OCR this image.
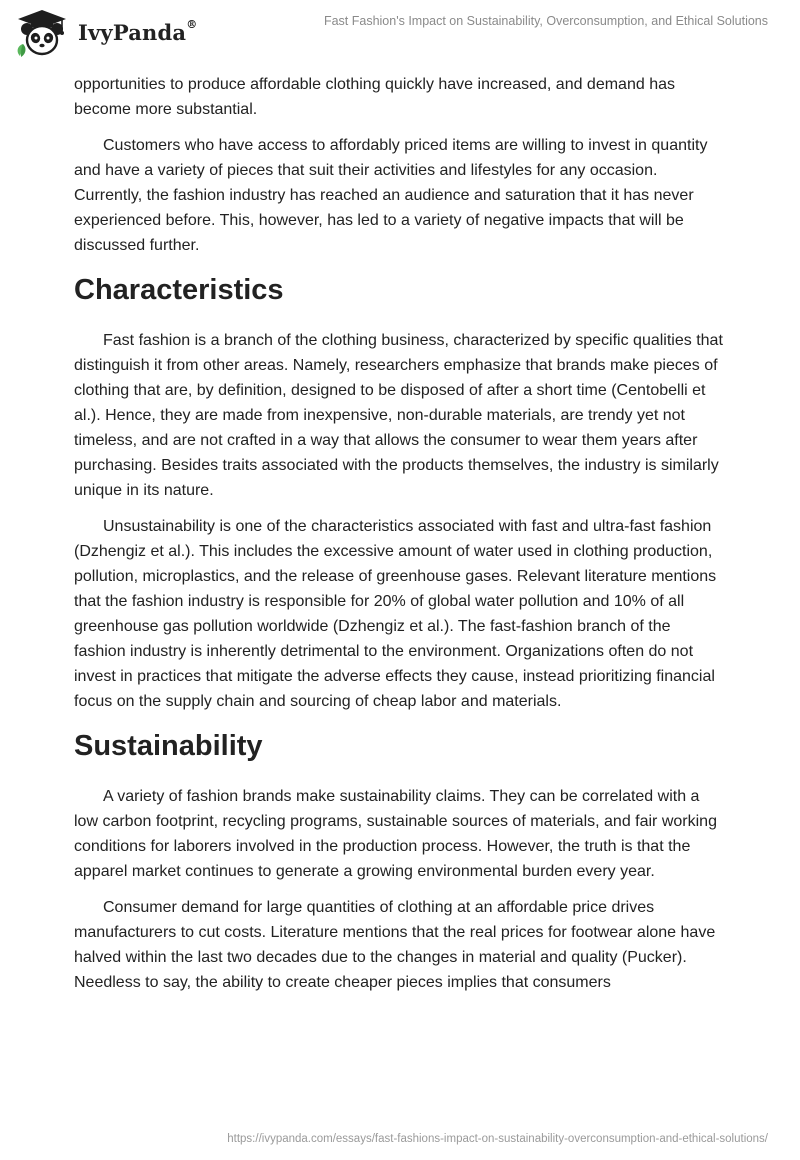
IvyPanda®	Fast Fashion's Impact on Sustainability, Overconsumption, and Ethical Solutions

opportunities to produce affordable clothing quickly have increased, and demand has become more substantial.

Customers who have access to affordably priced items are willing to invest in quantity and have a variety of pieces that suit their activities and lifestyles for any occasion. Currently, the fashion industry has reached an audience and saturation that it has never experienced before. This, however, has led to a variety of negative impacts that will be discussed further.

Characteristics

Fast fashion is a branch of the clothing business, characterized by specific qualities that distinguish it from other areas. Namely, researchers emphasize that brands make pieces of clothing that are, by definition, designed to be disposed of after a short time (Centobelli et al.). Hence, they are made from inexpensive, non-durable materials, are trendy yet not timeless, and are not crafted in a way that allows the consumer to wear them years after purchasing. Besides traits associated with the products themselves, the industry is similarly unique in its nature.

Unsustainability is one of the characteristics associated with fast and ultra-fast fashion (Dzhengiz et al.). This includes the excessive amount of water used in clothing production, pollution, microplastics, and the release of greenhouse gases. Relevant literature mentions that the fashion industry is responsible for 20% of global water pollution and 10% of all greenhouse gas pollution worldwide (Dzhengiz et al.). The fast-fashion branch of the fashion industry is inherently detrimental to the environment. Organizations often do not invest in practices that mitigate the adverse effects they cause, instead prioritizing financial focus on the supply chain and sourcing of cheap labor and materials.

Sustainability

A variety of fashion brands make sustainability claims. They can be correlated with a low carbon footprint, recycling programs, sustainable sources of materials, and fair working conditions for laborers involved in the production process. However, the truth is that the apparel market continues to generate a growing environmental burden every year.

Consumer demand for large quantities of clothing at an affordable price drives manufacturers to cut costs. Literature mentions that the real prices for footwear alone have halved within the last two decades due to the changes in material and quality (Pucker). Needless to say, the ability to create cheaper pieces implies that consumers

https://ivypanda.com/essays/fast-fashions-impact-on-sustainability-overconsumption-and-ethical-solutions/
